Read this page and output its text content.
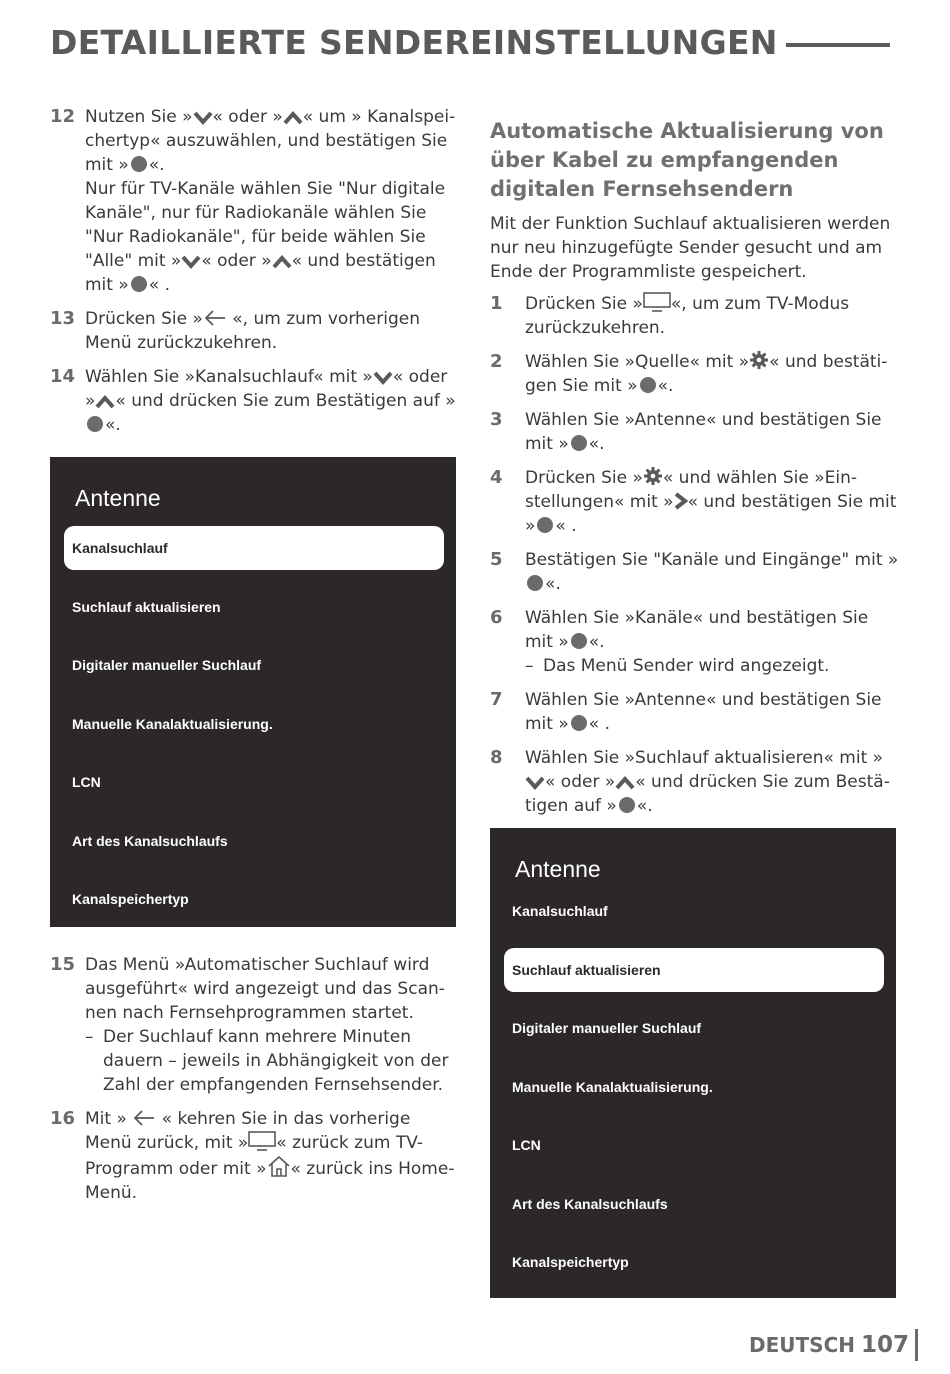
DETAILLIERTE SENDEREINSTELLUNGEN
12 Nutzen Sie » « oder » « um » Kanalspeichertyp« auszuwählen, und bestätigen Sie mit » «.

Nur für TV-Kanäle wählen Sie "Nur digitale Kanäle", nur für Radiokanäle wählen Sie "Nur Radiokanäle", für beide wählen Sie "Alle" mit » « oder » « und bestätigen mit » « .

13 Drücken Sie » «, um zum vorherigen Menü zurückzukehren.

14 Wählen Sie »Kanalsuchlauf« mit » « oder » « und drücken Sie zum Bestätigen auf »«.

Antenne
Kanalsuchlauf
Suchlauf aktualisieren
Digitaler manueller Suchlauf
Manuelle Kanalaktualisierung.
LCN
Art des Kanalsuchlaufs
Kanalspeichertyp
15 Das Menü »Automatischer Suchlauf wird ausgeführt« wird angezeigt und das Scannen nach Fernsehprogrammen startet.

– Der Suchlauf kann mehrere Minuten dauern – jeweils in Abhängigkeit von der Zahl der empfangenden Fernsehsender.
16 Mit »  « kehren Sie in das vorherige Menü zurück, mit » « zurück zum TV-Programm oder mit » « zurück ins Home-Menü.

Automatische Aktualisierung von über Kabel zu empfangenden digitalen Fernsehsendern

Mit der Funktion Suchlauf aktualisieren werden nur neu hinzugefügte Sender gesucht und am Ende der Programmliste gespeichert.

1	Drücken Sie » «, um zum TV-Modus zurückzukehren.

2	Wählen Sie »Quelle« mit » « und bestätigen Sie mit » «.

3	Wählen Sie »Antenne« und bestätigen Sie mit » «.

4	Drücken Sie » « und wählen Sie »Einstellungen« mit » « und bestätigen Sie mit » « .

5	Bestätigen Sie "Kanäle und Eingänge" mit »«.

6	Wählen Sie »Kanäle« und bestätigen Sie mit » «.

– Das Menü Sender wird angezeigt.
7	Wählen Sie »Antenne« und bestätigen Sie mit » « .

8	Wählen Sie »Suchlauf aktualisieren« mit »« oder » « und drücken Sie zum Bestätigen auf » «.

Antenne
Kanalsuchlauf
Suchlauf aktualisieren
Digitaler manueller Suchlauf
Manuelle Kanalaktualisierung.
LCN
Art des Kanalsuchlaufs
Kanalspeichertyp
DEUTSCH 107
